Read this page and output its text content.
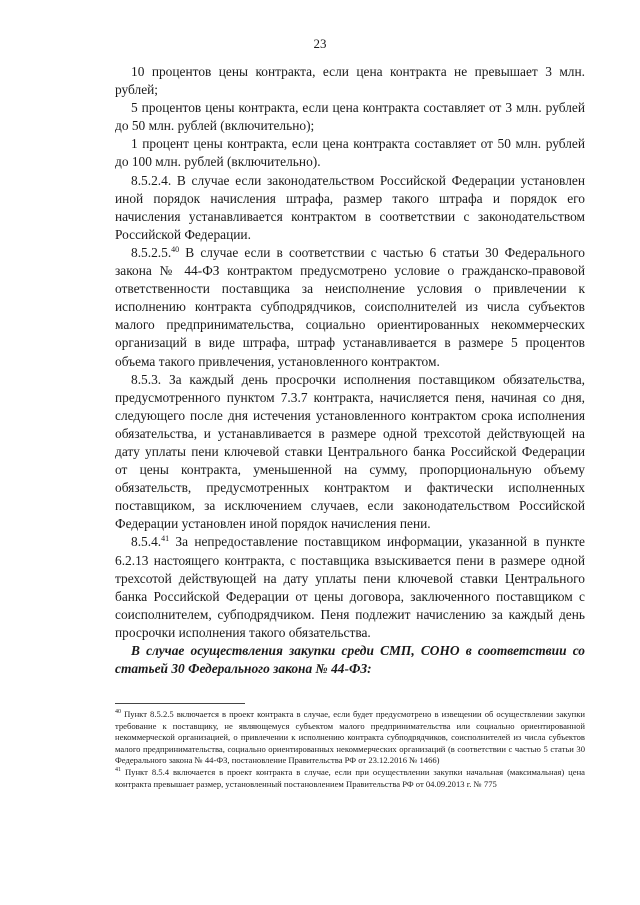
23

10 процентов цены контракта, если цена контракта не превышает 3 млн. рублей;

5 процентов цены контракта, если цена контракта составляет от 3 млн. рублей до 50 млн. рублей (включительно);

1 процент цены контракта, если цена контракта составляет от 50 млн. рублей до 100 млн. рублей (включительно).

8.5.2.4. В случае если законодательством Российской Федерации установлен иной порядок начисления штрафа, размер такого штрафа и порядок его начисления устанавливается контрактом в соответствии с законодательством Российской Федерации.

8.5.2.5.40 В случае если в соответствии с частью 6 статьи 30 Федерального закона № 44-ФЗ контрактом предусмотрено условие о гражданско-правовой ответственности поставщика за неисполнение условия о привлечении к исполнению контракта субподрядчиков, соисполнителей из числа субъектов малого предпринимательства, социально ориентированных некоммерческих организаций в виде штрафа, штраф устанавливается в размере 5 процентов объема такого привлечения, установленного контрактом.

8.5.3. За каждый день просрочки исполнения поставщиком обязательства, предусмотренного пунктом 7.3.7 контракта, начисляется пеня, начиная со дня, следующего после дня истечения установленного контрактом срока исполнения обязательства, и устанавливается в размере одной трехсотой действующей на дату уплаты пени ключевой ставки Центрального банка Российской Федерации от цены контракта, уменьшенной на сумму, пропорциональную объему обязательств, предусмотренных контрактом и фактически исполненных поставщиком, за исключением случаев, если законодательством Российской Федерации установлен иной порядок начисления пени.

8.5.4.41 За непредоставление поставщиком информации, указанной в пункте 6.2.13 настоящего контракта, с поставщика взыскивается пени в размере одной трехсотой действующей на дату уплаты пени ключевой ставки Центрального банка Российской Федерации от цены договора, заключенного поставщиком с соисполнителем, субподрядчиком. Пеня подлежит начислению за каждый день просрочки исполнения такого обязательства.

В случае осуществления закупки среди СМП, СОНО в соответствии со статьей 30 Федерального закона № 44-ФЗ:

$^{40}$ Пункт 8.5.2.5 включается в проект контракта в случае, если будет предусмотрено в извещении об осуществлении закупки требование к поставщику, не являющемуся субъектом малого предпринимательства или социально ориентированной некоммерческой организацией, о привлечении к исполнению контракта субподрядчиков, соисполнителей из числа субъектов малого предпринимательства, социально ориентированных некоммерческих организаций (в соответствии с частью 5 статьи 30 Федерального закона № 44-ФЗ, постановление Правительства РФ от 23.12.2016 № 1466)

$^{41}$ Пункт 8.5.4 включается в проект контракта в случае, если при осуществлении закупки начальная (максимальная) цена контракта превышает размер, установленный постановлением Правительства РФ от 04.09.2013 г. № 775
